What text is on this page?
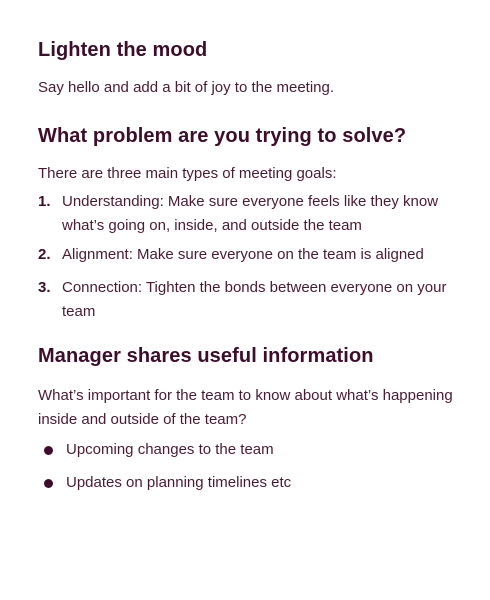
Lighten the mood

Say hello and add a bit of joy to the meeting.

What problem are you trying to solve?

There are three main types of meeting goals:

1. Understanding: Make sure everyone feels like they know what’s going on, inside, and outside the team
2. Alignment: Make sure everyone on the team is aligned
3. Connection: Tighten the bonds between everyone on your team
Manager shares useful information

What’s important for the team to know about what’s happening inside and outside of the team?

Upcoming changes to the team
Updates on planning timelines etc
